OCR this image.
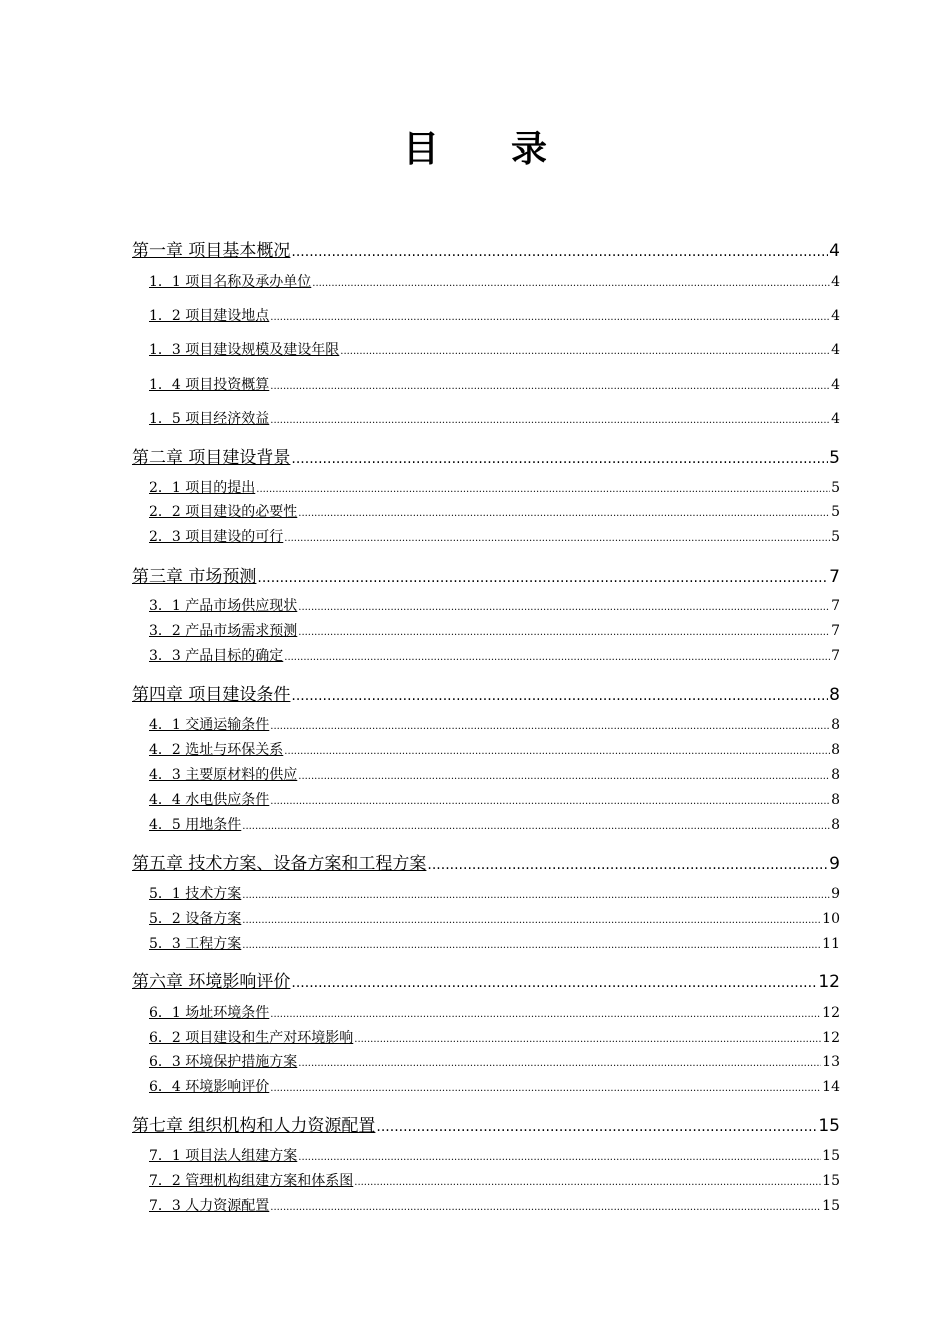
目 录
第一章 项目基本概况 .....	4
1．1 项目名称及承办单位 .....	4
1．2 项目建设地点 .....	4
1．3 项目建设规模及建设年限 .....	4
1．4 项目投资概算 .....	4
1．5 项目经济效益 .....	4
第二章 项目建设背景 .....	5
2．1 项目的提出 .....	5
2．2 项目建设的必要性 .....	5
2．3 项目建设的可行 .....	5
第三章 市场预测 .....	7
3．1 产品市场供应现状 .....	7
3．2 产品市场需求预测 .....	7
3．3 产品目标的确定 .....	7
第四章 项目建设条件 .....	8
4．1 交通运输条件 .....	8
4．2 选址与环保关系 .....	8
4．3 主要原材料的供应 .....	8
4．4 水电供应条件 .....	8
4．5 用地条件 .....	8
第五章 技术方案、设备方案和工程方案 .....	9
5．1 技术方案 .....	9
5．2 设备方案 .....	10
5．3 工程方案 .....	11
第六章 环境影响评价 .....	12
6．1 场址环境条件 .....	12
6．2 项目建设和生产对环境影响 .....	12
6．3 环境保护措施方案 .....	13
6．4 环境影响评价 .....	14
第七章 组织机构和人力资源配置 .....	15
7．1 项目法人组建方案 .....	15
7．2 管理机构组建方案和体系图 .....	15
7．3 人力资源配置 .....	15
